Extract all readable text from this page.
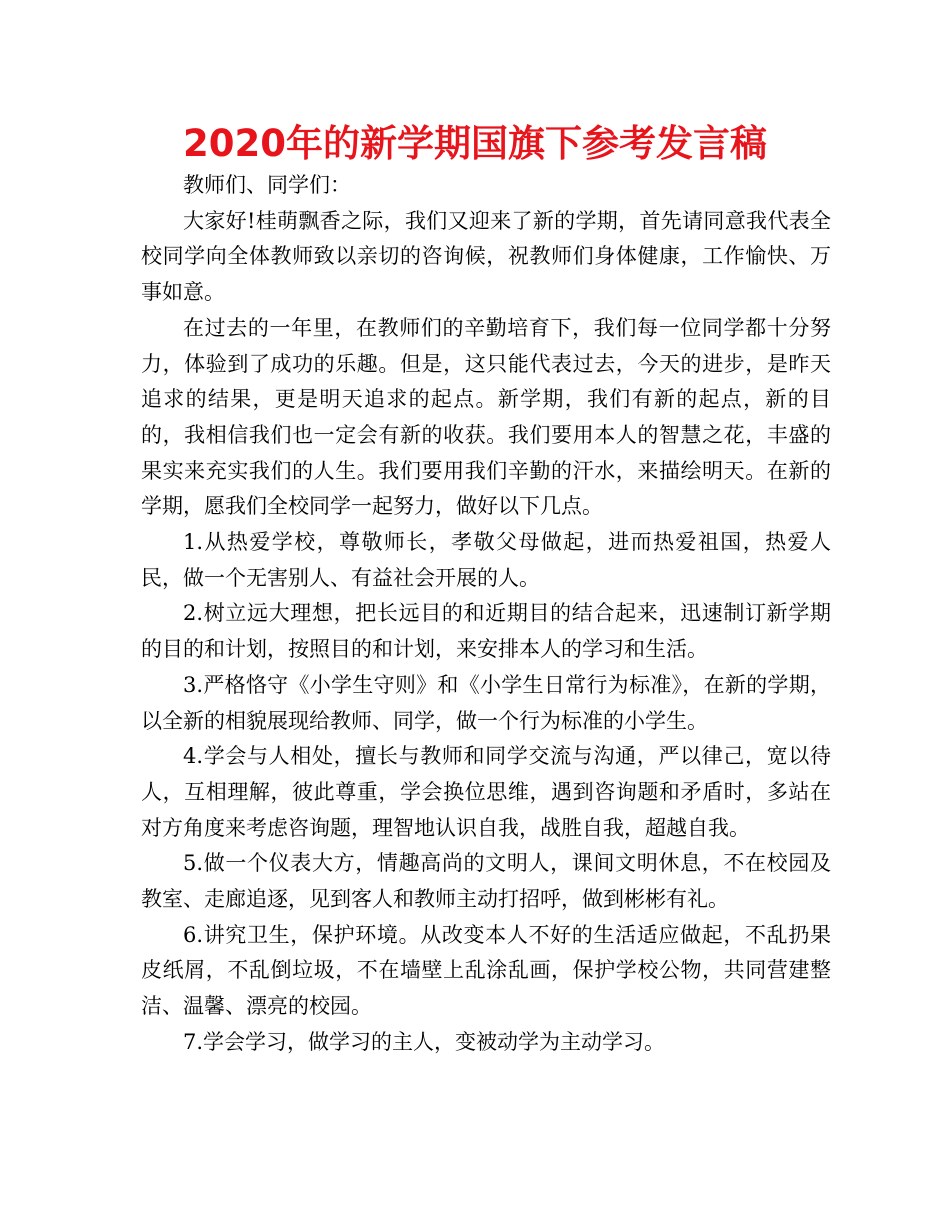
2020年的新学期国旗下参考发言稿

教师们、同学们：

大家好!桂萌飘香之际，我们又迎来了新的学期，首先请同意我代表全校同学向全体教师致以亲切的咨询候，祝教师们身体健康，工作愉快、万事如意。

在过去的一年里，在教师们的辛勤培育下，我们每一位同学都十分努力，体验到了成功的乐趣。但是，这只能代表过去，今天的进步，是昨天追求的结果，更是明天追求的起点。新学期，我们有新的起点，新的目的，我相信我们也一定会有新的收获。我们要用本人的智慧之花，丰盛的果实来充实我们的人生。我们要用我们辛勤的汗水，来描绘明天。在新的学期，愿我们全校同学一起努力，做好以下几点。

1.从热爱学校，尊敬师长，孝敬父母做起，进而热爱祖国，热爱人民，做一个无害别人、有益社会开展的人。

2.树立远大理想，把长远目的和近期目的结合起来，迅速制订新学期的目的和计划，按照目的和计划，来安排本人的学习和生活。

3.严格恪守《小学生守则》和《小学生日常行为标准》，在新的学期，以全新的相貌展现给教师、同学，做一个行为标准的小学生。

4.学会与人相处，擅长与教师和同学交流与沟通，严以律己，宽以待人，互相理解，彼此尊重，学会换位思维，遇到咨询题和矛盾时，多站在对方角度来考虑咨询题，理智地认识自我，战胜自我，超越自我。

5.做一个仪表大方，情趣高尚的文明人，课间文明休息，不在校园及教室、走廊追逐，见到客人和教师主动打招呼，做到彬彬有礼。

6.讲究卫生，保护环境。从改变本人不好的生活适应做起，不乱扔果皮纸屑，不乱倒垃圾，不在墙壁上乱涂乱画，保护学校公物，共同营建整洁、温馨、漂亮的校园。

7.学会学习，做学习的主人，变被动学为主动学习。
